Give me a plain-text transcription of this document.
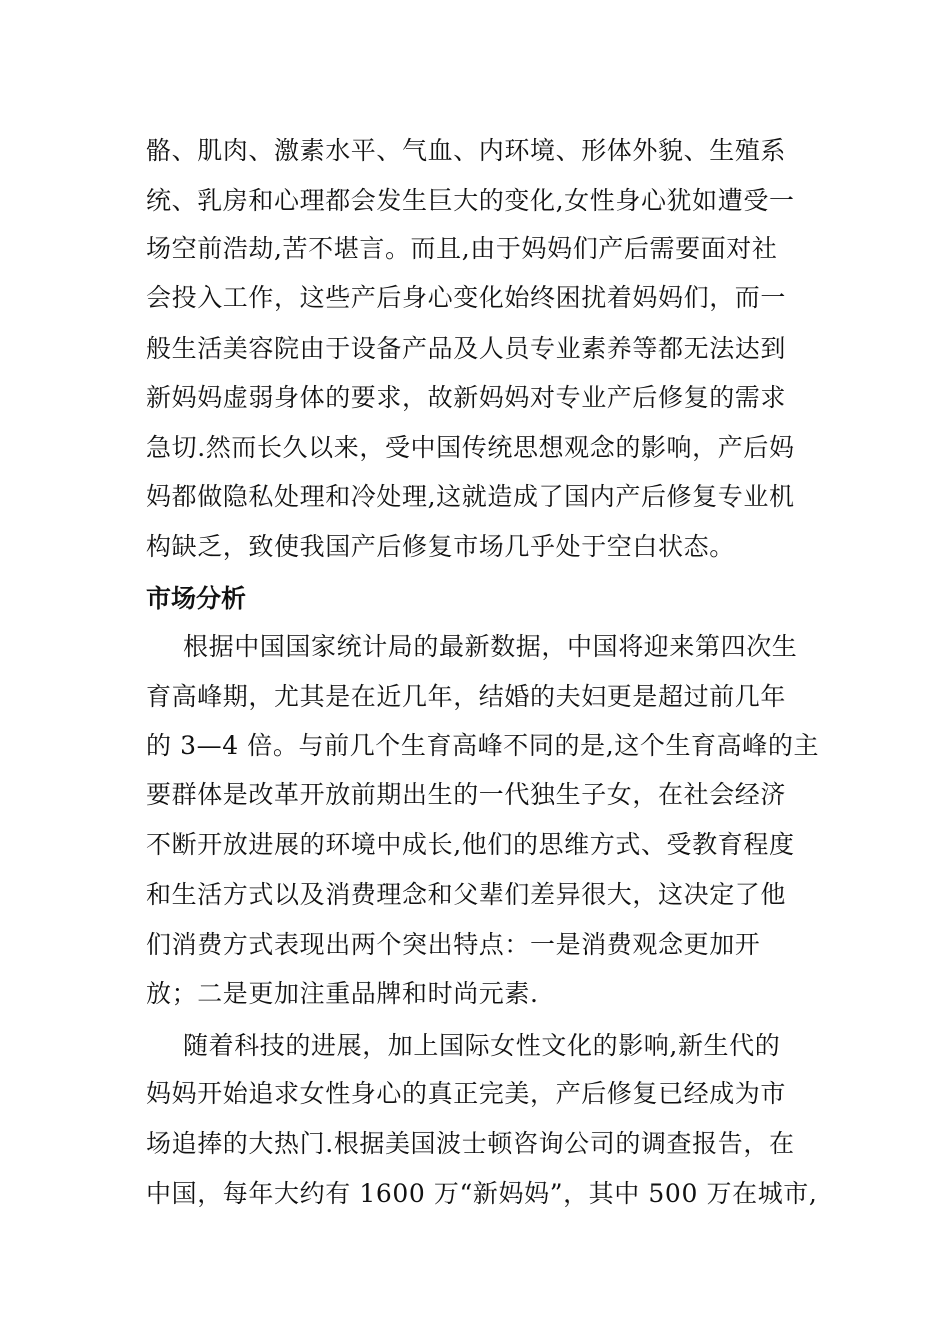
骼、肌肉、激素水平、气血、内环境、形体外貌、生殖系
统、乳房和心理都会发生巨大的变化,女性身心犹如遭受一
场空前浩劫,苦不堪言。而且,由于妈妈们产后需要面对社
会投入工作，这些产后身心变化始终困扰着妈妈们，而一
般生活美容院由于设备产品及人员专业素养等都无法达到
新妈妈虚弱身体的要求，故新妈妈对专业产后修复的需求
急切.然而长久以来，受中国传统思想观念的影响，产后妈
妈都做隐私处理和冷处理,这就造成了国内产后修复专业机
构缺乏，致使我国产后修复市场几乎处于空白状态。
市场分析
根据中国国家统计局的最新数据，中国将迎来第四次生
育高峰期，尤其是在近几年，结婚的夫妇更是超过前几年
的 3—4 倍。与前几个生育高峰不同的是,这个生育高峰的主
要群体是改革开放前期出生的一代独生子女，在社会经济
不断开放进展的环境中成长,他们的思维方式、受教育程度
和生活方式以及消费理念和父辈们差异很大，这决定了他
们消费方式表现出两个突出特点：一是消费观念更加开
放；二是更加注重品牌和时尚元素.
随着科技的进展，加上国际女性文化的影响,新生代的
妈妈开始追求女性身心的真正完美，产后修复已经成为市
场追捧的大热门.根据美国波士顿咨询公司的调查报告，在
中国，每年大约有 1600 万“新妈妈”，其中 500 万在城市,
